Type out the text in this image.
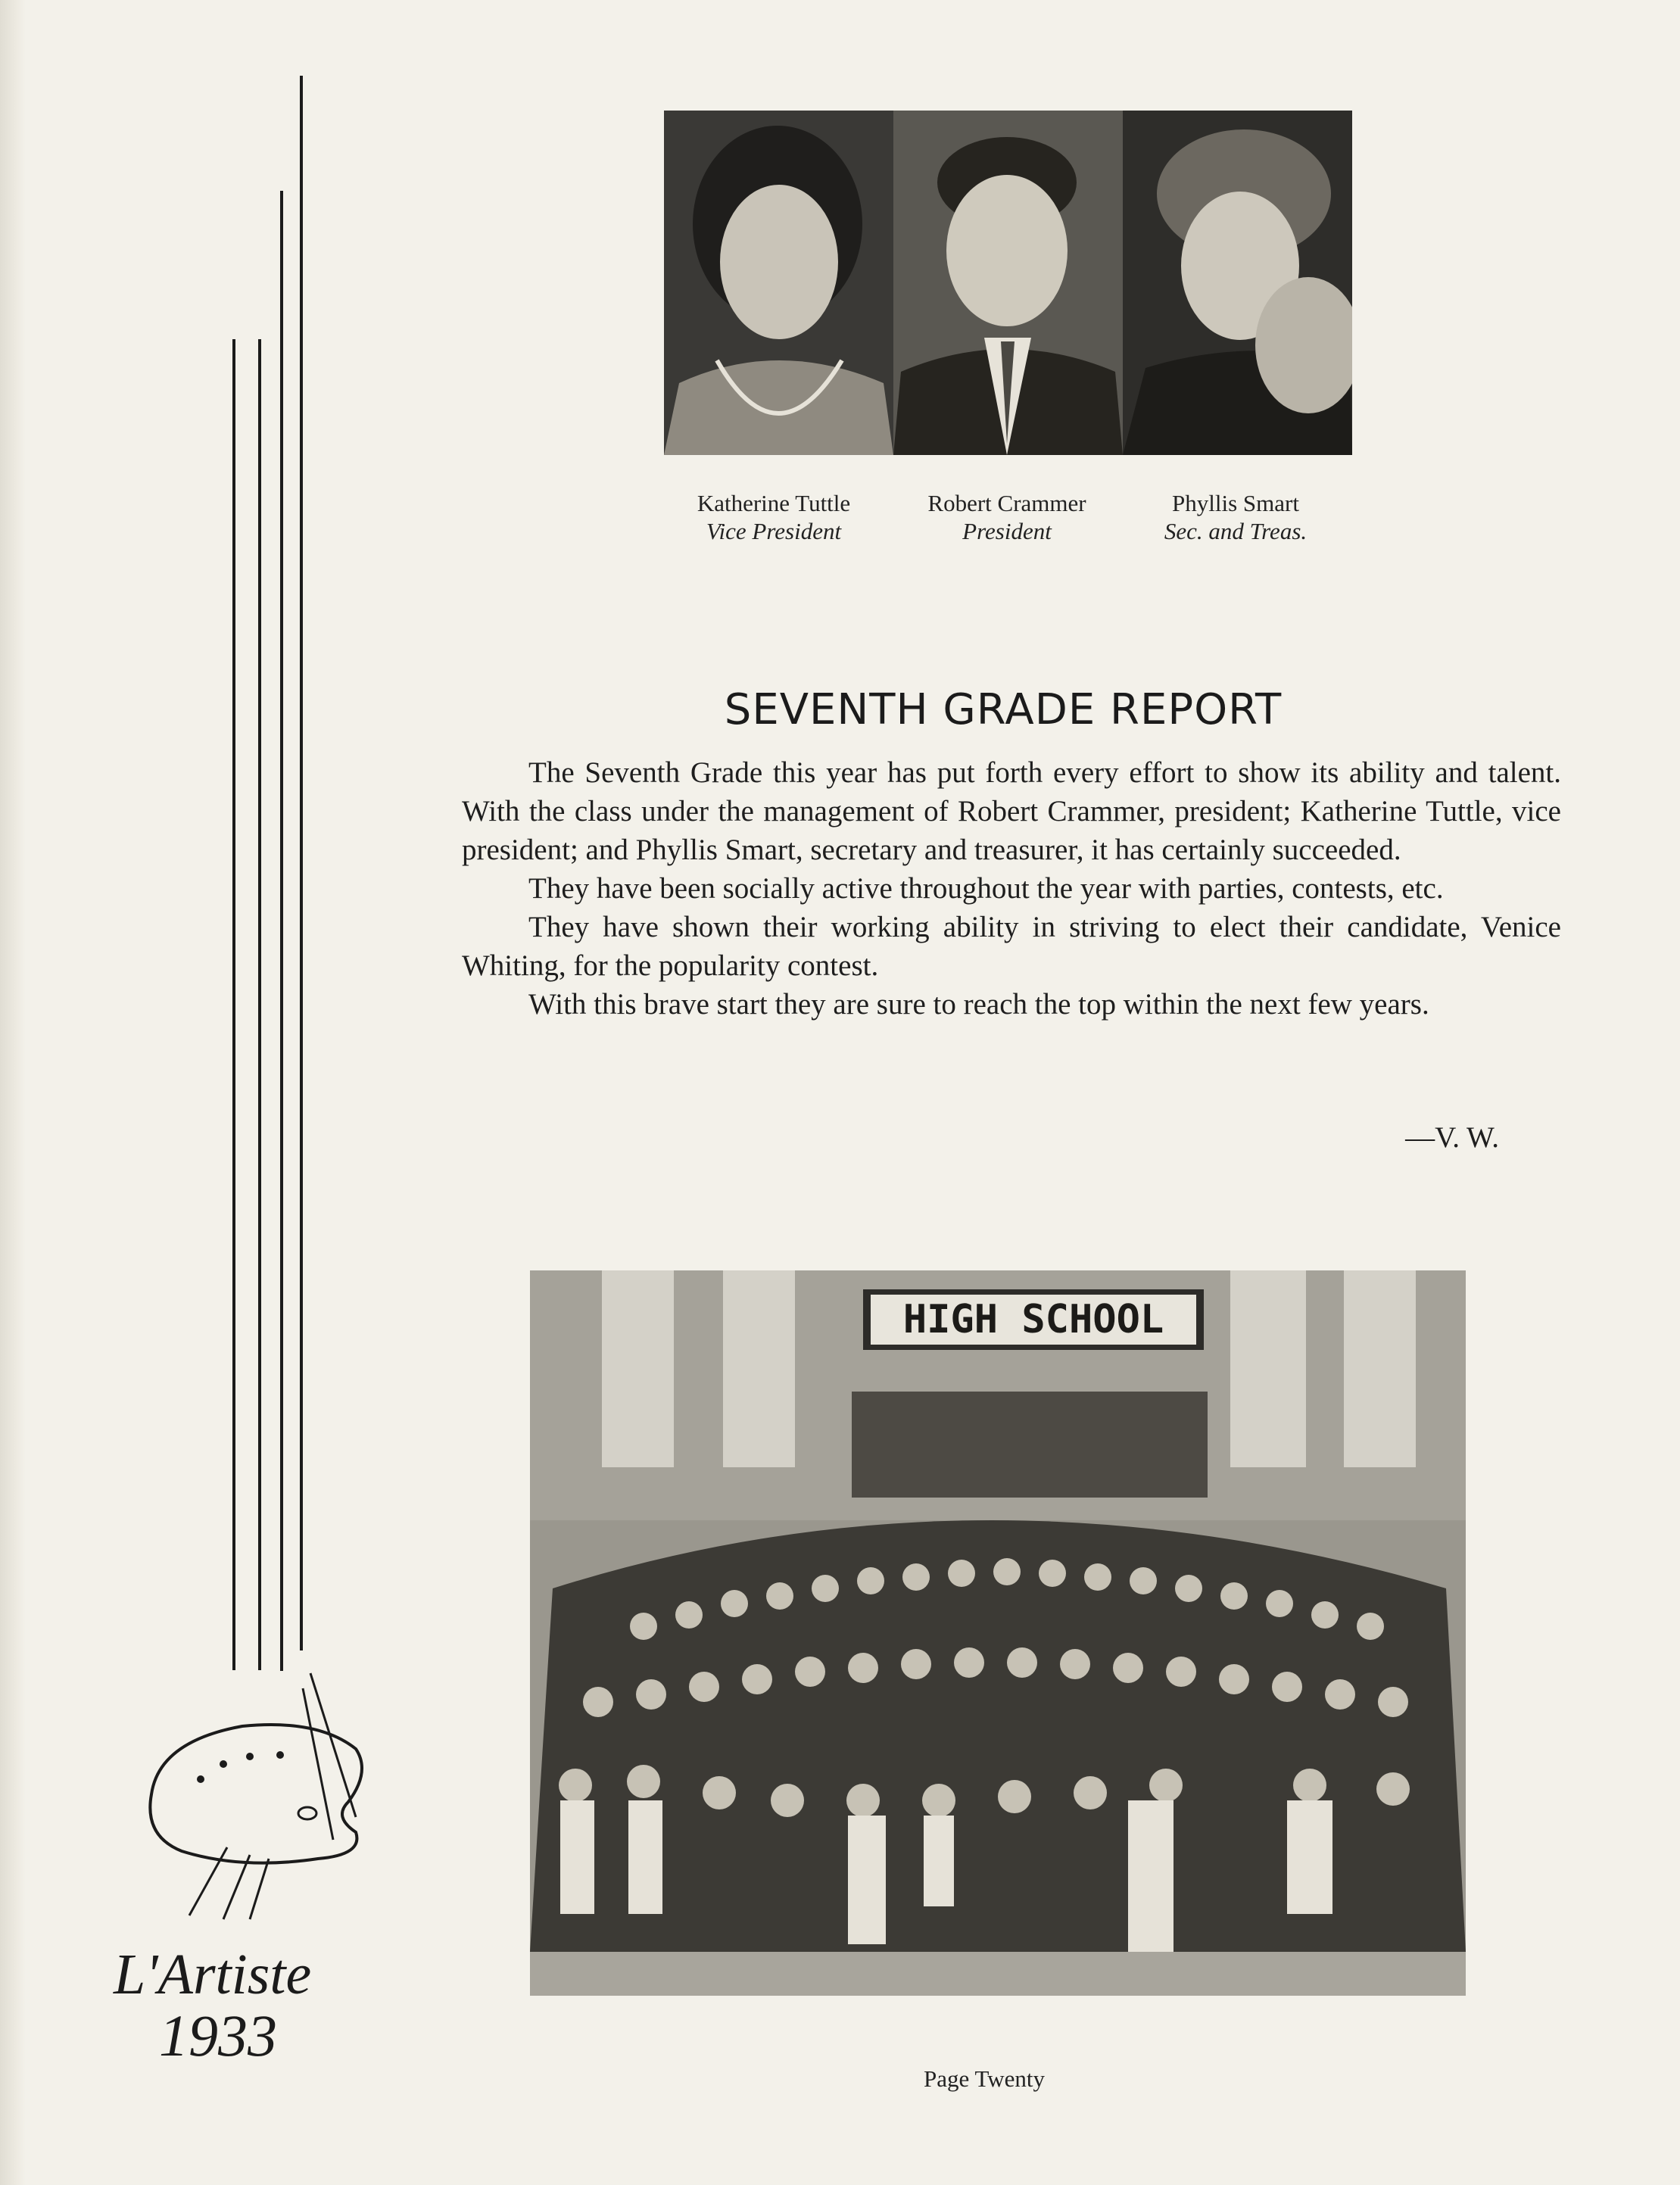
Katherine Tuttle
Vice President
Robert Crammer
President
Phyllis Smart
Sec. and Treas.
SEVENTH GRADE REPORT

The Seventh Grade this year has put forth every effort to show its ability and talent. With the class under the management of Robert Crammer, president; Katherine Tuttle, vice president; and Phyllis Smart, secretary and treasurer, it has certainly succeeded.

They have been socially active throughout the year with parties, contests, etc.

They have shown their working ability in striving to elect their candidate, Venice Whiting, for the popularity contest.

With this brave start they are sure to reach the top within the next few years.

—V. W.
HIGH SCHOOL
L'Artiste
1933
Page Twenty
